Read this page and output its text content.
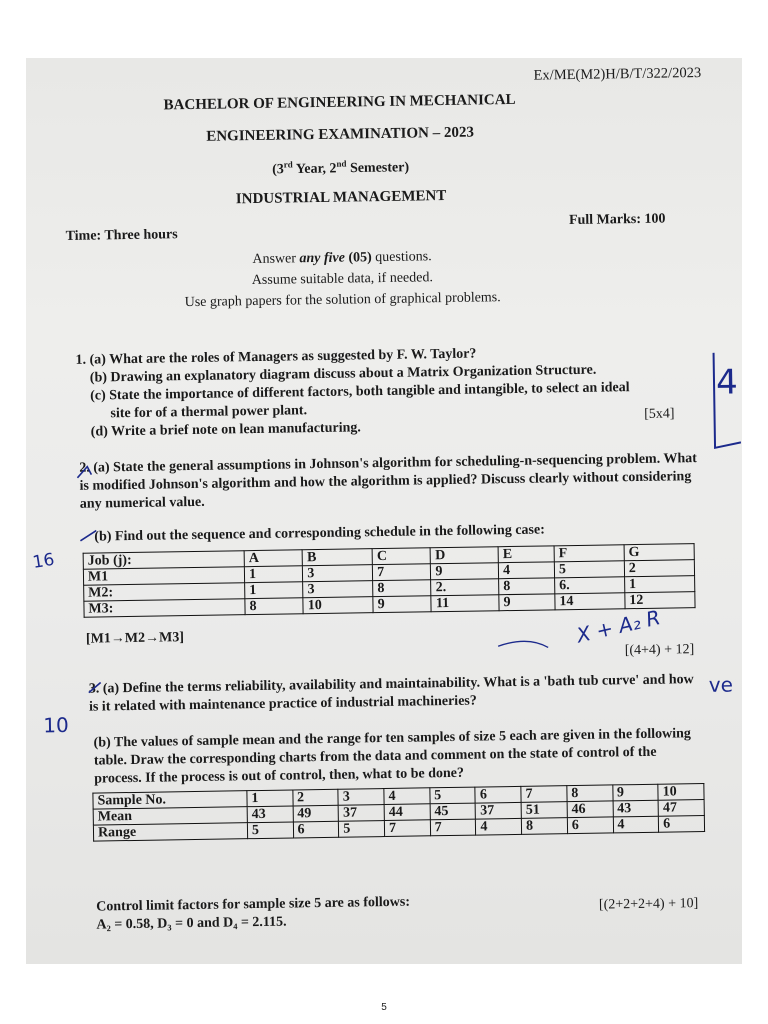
Ex/ME(M2)H/B/T/322/2023
BACHELOR OF ENGINEERING IN MECHANICAL
ENGINEERING EXAMINATION – 2023
(3rd Year, 2nd Semester)
INDUSTRIAL MANAGEMENT
Time: Three hours
Full Marks: 100
Answer any five (05) questions.
Assume suitable data, if needed.
Use graph papers for the solution of graphical problems.
1. (a) What are the roles of Managers as suggested by F. W. Taylor?
(b) Drawing an explanatory diagram discuss about a Matrix Organization Structure.
(c) State the importance of different factors, both tangible and intangible, to select an ideal
site for of a thermal power plant.
(d) Write a brief note on lean manufacturing.
[5x4]
2. (a) State the general assumptions in Johnson's algorithm for scheduling-n-sequencing problem. What is modified Johnson's algorithm and how the algorithm is applied? Discuss clearly without considering any numerical value.
(b) Find out the sequence and corresponding schedule in the following case:
Job (j):	A	B	C	D	E	F	G
M1	1	3	7	9	4	5	2
M2:	1	3	8	2.	8	6.	1
M3:	8	10	9	11	9	14	12
[M1→M2→M3]
[(4+4) + 12]
3. (a) Define the terms reliability, availability and maintainability. What is a 'bath tub curve' and how is it related with maintenance practice of industrial machineries?
(b) The values of sample mean and the range for ten samples of size 5 each are given in the following table. Draw the corresponding charts from the data and comment on the state of control of the process. If the process is out of control, then, what to be done?
Sample No.	1	2	3	4	5	6	7	8	9	10
Mean	43	49	37	44	45	37	51	46	43	47
Range	5	6	5	7	7	4	8	6	4	6
Control limit factors for sample size 5 are as follows:
A₂ = 0.58, D₃ = 0 and D₄ = 2.115.
[(2+2+2+4) + 10]
4
16
10
X + A₂ R
ve
5
